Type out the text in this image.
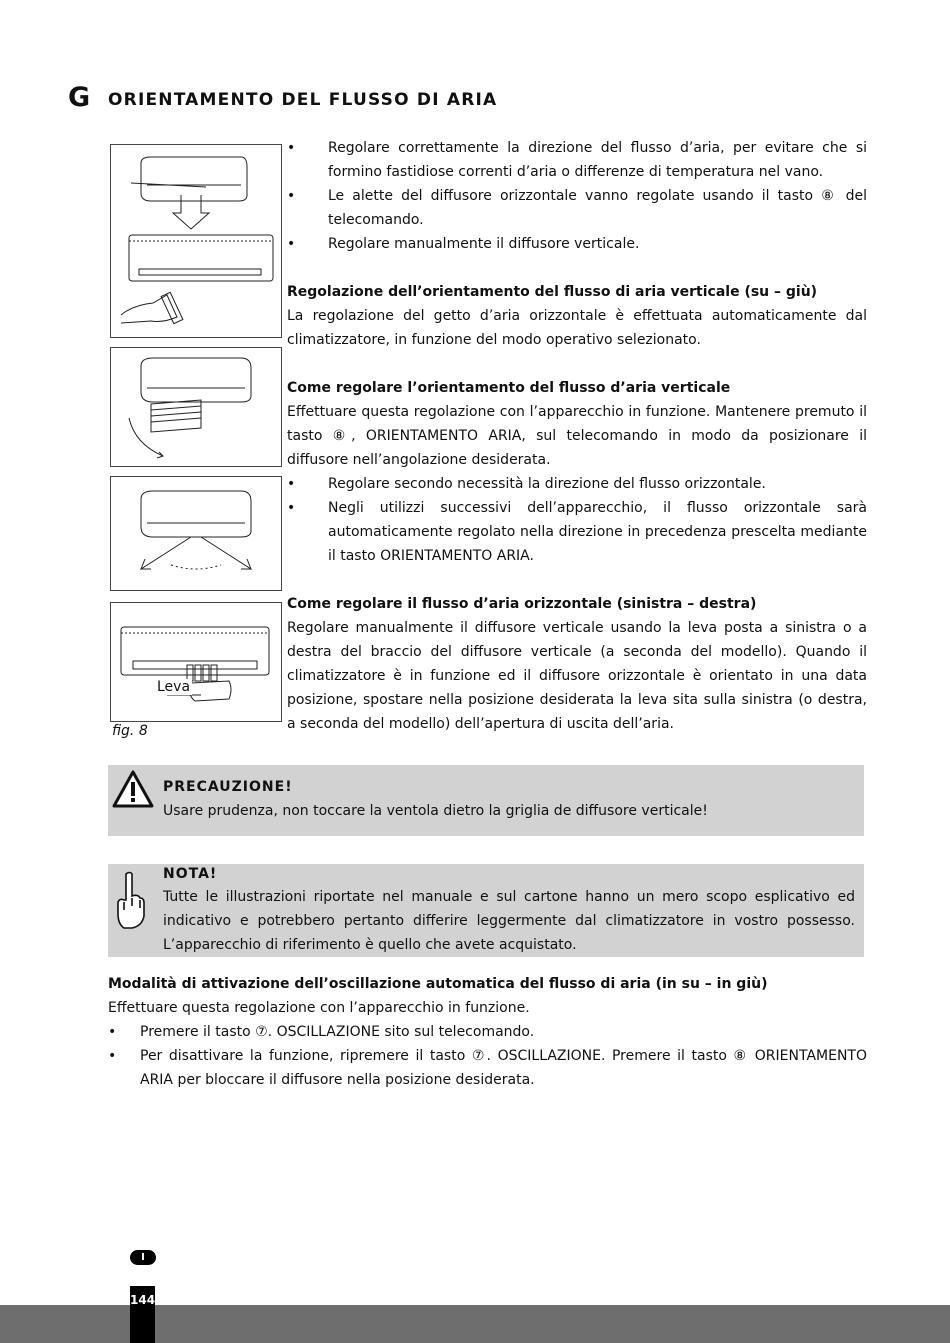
G ORIENTAMENTO DEL FLUSSO DI ARIA
Leva
fig. 8
• Regolare correttamente la direzione del flusso d’aria, per evitare che si formino fastidiose correnti d’aria o differenze di temperatura nel vano.
• Le alette del diffusore orizzontale vanno regolate usando il tasto ⑧ del telecomando.
• Regolare manualmente il diffusore verticale.
Regolazione dell’orientamento del flusso di aria verticale (su – giù)
La regolazione del getto d’aria orizzontale è effettuata automaticamente dal climatizzatore, in funzione del modo operativo selezionato.
Come regolare l’orientamento del flusso d’aria verticale
Effettuare questa regolazione con l’apparecchio in funzione. Mantenere premuto il tasto ⑧, ORIENTAMENTO ARIA, sul telecomando in modo da posizionare il diffusore nell’angolazione desiderata.
• Regolare secondo necessità la direzione del flusso orizzontale.
• Negli utilizzi successivi dell’apparecchio, il flusso orizzontale sarà automaticamente regolato nella direzione in precedenza prescelta mediante il tasto ORIENTAMENTO ARIA.
Come regolare il flusso d’aria orizzontale (sinistra – destra)
Regolare manualmente il diffusore verticale usando la leva posta a sinistra o a destra del braccio del diffusore verticale (a seconda del modello). Quando il climatizzatore è in funzione ed il diffusore orizzontale è orientato in una data posizione, spostare nella posizione desiderata la leva sita sulla sinistra (o destra, a seconda del modello) dell’apertura di uscita dell’aria.
PRECAUZIONE!
Usare prudenza, non toccare la ventola dietro la griglia de diffusore verticale!
NOTA!
Tutte le illustrazioni riportate nel manuale e sul cartone hanno un mero scopo esplicativo ed indicativo e potrebbero pertanto differire leggermente dal climatizzatore in vostro possesso. L’apparecchio di riferimento è quello che avete acquistato.
Modalità di attivazione dell’oscillazione automatica del flusso di aria (in su – in giù)
Effettuare questa regolazione con l’apparecchio in funzione.
• Premere il tasto ⑦. OSCILLAZIONE sito sul telecomando.
• Per disattivare la funzione, ripremere il tasto ⑦. OSCILLAZIONE. Premere il tasto ⑧ ORIENTAMENTO ARIA per bloccare il diffusore nella posizione desiderata.
I
144
